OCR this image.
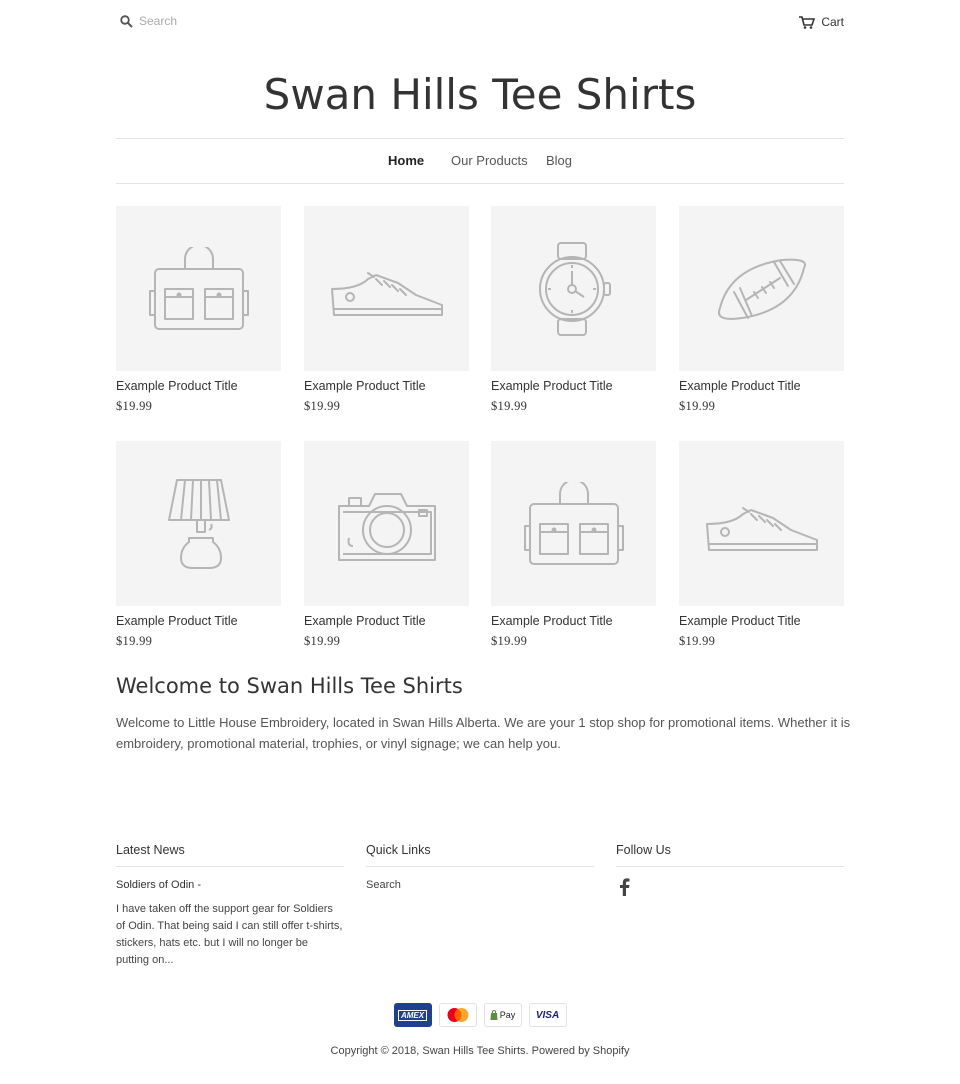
Search
Cart
Swan Hills Tee Shirts
Home Our Products Blog
Example Product Title
$19.99
Example Product Title
$19.99
Example Product Title
$19.99
Example Product Title
$19.99
Example Product Title
$19.99
Example Product Title
$19.99
Example Product Title
$19.99
Example Product Title
$19.99
Welcome to Swan Hills Tee Shirts

Welcome to Little House Embroidery, located in Swan Hills Alberta. We are your 1 stop shop for promotional items. Whether it is embroidery, promotional material, trophies, or vinyl signage; we can help you.

Latest News
Soldiers of Odin -
I have taken off the support gear for Soldiers of Odin. That being said I can still offer t-shirts, stickers, hats etc. but I will no longer be putting on...
Quick Links
Search
Follow Us
AMEX	Pay VISA
Copyright © 2018, Swan Hills Tee Shirts. Powered by Shopify
